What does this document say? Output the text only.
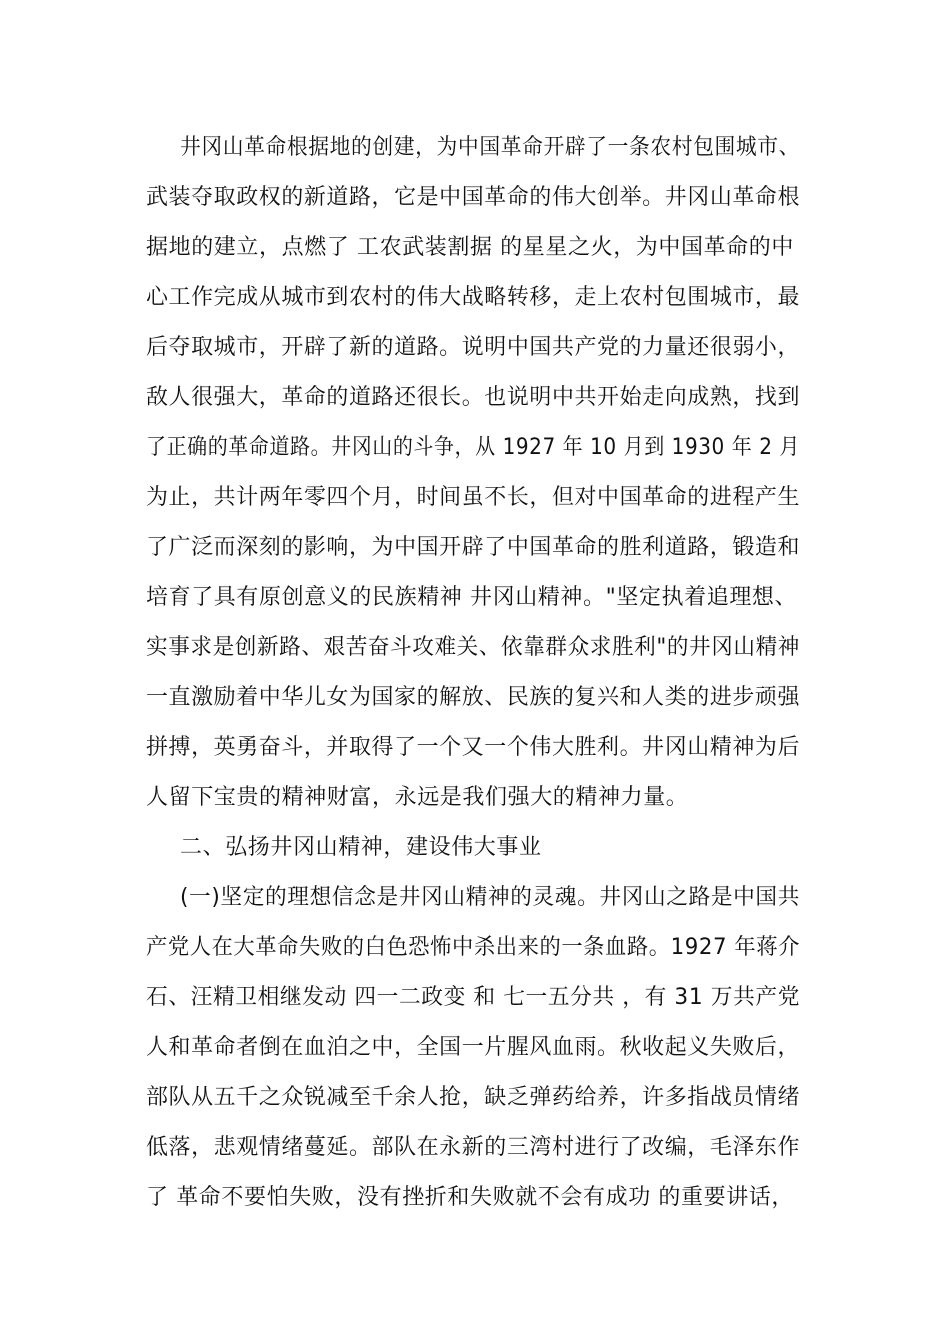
井冈山革命根据地的创建，为中国革命开辟了一条农村包围城市、
武装夺取政权的新道路，它是中国革命的伟大创举。井冈山革命根
据地的建立，点燃了 工农武装割据 的星星之火，为中国革命的中
心工作完成从城市到农村的伟大战略转移，走上农村包围城市，最
后夺取城市，开辟了新的道路。说明中国共产党的力量还很弱小，
敌人很强大，革命的道路还很长。也说明中共开始走向成熟，找到
了正确的革命道路。井冈山的斗争，从 1927 年 10 月到 1930 年 2 月
为止，共计两年零四个月，时间虽不长，但对中国革命的进程产生
了广泛而深刻的影响，为中国开辟了中国革命的胜利道路，锻造和
培育了具有原创意义的民族精神 井冈山精神。"坚定执着追理想、
实事求是创新路、艰苦奋斗攻难关、依靠群众求胜利"的井冈山精神
一直激励着中华儿女为国家的解放、民族的复兴和人类的进步顽强
拼搏，英勇奋斗，并取得了一个又一个伟大胜利。井冈山精神为后
人留下宝贵的精神财富，永远是我们强大的精神力量。
二、弘扬井冈山精神，建设伟大事业
(一)坚定的理想信念是井冈山精神的灵魂。井冈山之路是中国共
产党人在大革命失败的白色恐怖中杀出来的一条血路。1927 年蒋介
石、汪精卫相继发动 四一二政变 和 七一五分共 ，有 31 万共产党
人和革命者倒在血泊之中，全国一片腥风血雨。秋收起义失败后，
部队从五千之众锐减至千余人抢，缺乏弹药给养，许多指战员情绪
低落，悲观情绪蔓延。部队在永新的三湾村进行了改编，毛泽东作
了 革命不要怕失败，没有挫折和失败就不会有成功 的重要讲话，
